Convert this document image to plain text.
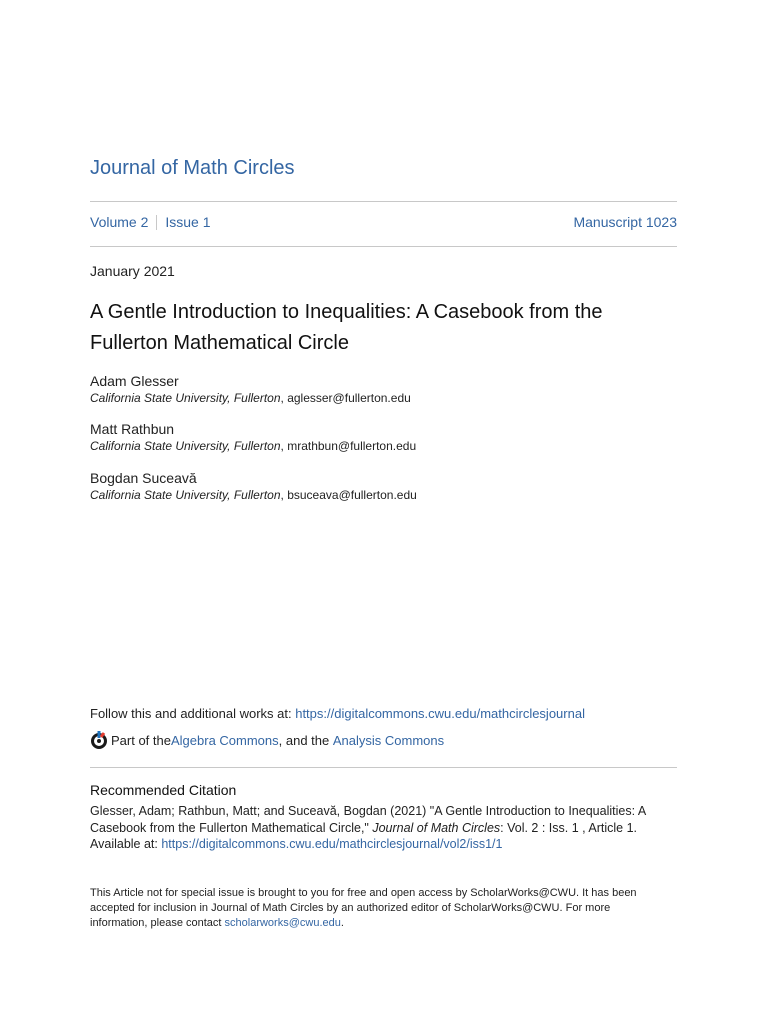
Journal of Math Circles
Volume 2 Issue 1	Manuscript 1023
January 2021
A Gentle Introduction to Inequalities: A Casebook from the
Fullerton Mathematical Circle
Adam Glesser
California State University, Fullerton, aglesser@fullerton.edu
Matt Rathbun
California State University, Fullerton, mrathbun@fullerton.edu
Bogdan Suceavă
California State University, Fullerton, bsuceava@fullerton.edu
Follow this and additional works at: https://digitalcommons.cwu.edu/mathcirclesjournal
Part of the Algebra Commons , and the Analysis Commons
Recommended Citation
Glesser, Adam; Rathbun, Matt; and Suceavă, Bogdan (2021) "A Gentle Introduction to Inequalities: A
Casebook from the Fullerton Mathematical Circle," Journal of Math Circles: Vol. 2 : Iss. 1 , Article 1.
Available at: https://digitalcommons.cwu.edu/mathcirclesjournal/vol2/iss1/1
This Article not for special issue is brought to you for free and open access by ScholarWorks@CWU. It has been
accepted for inclusion in Journal of Math Circles by an authorized editor of ScholarWorks@CWU. For more
information, please contact scholarworks@cwu.edu.
